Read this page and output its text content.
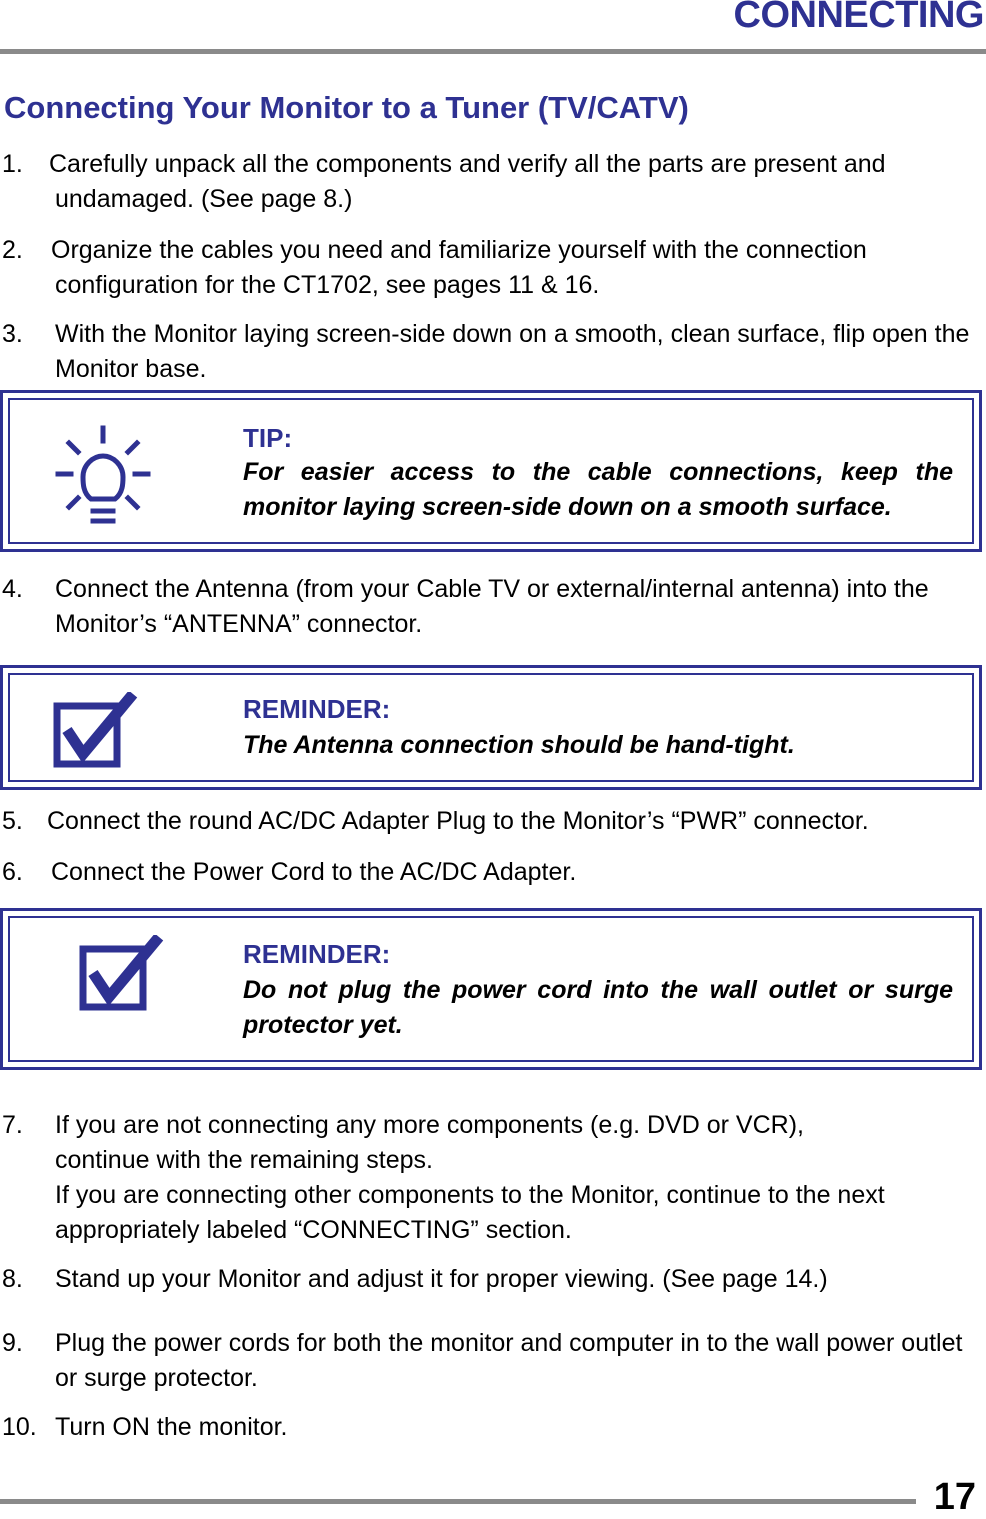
CONNECTING
Connecting Your Monitor to a Tuner (TV/CATV)
1. Carefully unpack all the components and verify all the parts are present and undamaged. (See page 8.)
2. Organize the cables you need and familiarize yourself with the connection configuration for the CT1702, see pages 11 & 16.
3. With the Monitor laying screen-side down on a smooth, clean surface, flip open the Monitor base.
TIP:
For easier access to the cable connections, keep the monitor laying screen-side down on a smooth surface.
4. Connect the Antenna (from your Cable TV or external/internal antenna) into the Monitor’s “ANTENNA” connector.
REMINDER:
The Antenna connection should be hand-tight.
5. Connect the round AC/DC Adapter Plug to the Monitor’s “PWR” connector.
6. Connect the Power Cord to the AC/DC Adapter.
REMINDER:
Do not plug the power cord into the wall outlet or surge   protector yet.
7. If you are not connecting any more components (e.g. DVD or VCR), continue with the remaining steps.
If you are connecting other components to the Monitor, continue to the next appropriately labeled “CONNECTING” section.
8. Stand up your Monitor and adjust it for proper viewing. (See page 14.)
9. Plug the power cords for both the monitor and computer in to the wall power outlet or surge protector.
10. Turn ON the monitor.
17
